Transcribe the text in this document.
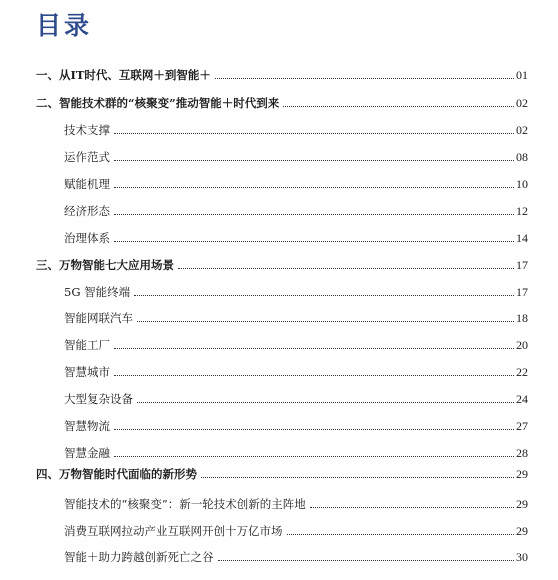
目录
一、从IT时代、互联网＋到智能＋	01
二、智能技术群的“核聚变”推动智能＋时代到来	02
技术支撑	02
运作范式	08
赋能机理	10
经济形态	12
治理体系	14
三、万物智能七大应用场景	17
5G 智能终端	17
智能网联汽车	18
智能工厂	20
智慧城市	22
大型复杂设备	24
智慧物流	27
智慧金融	28
四、万物智能时代面临的新形势	29
智能技术的“核聚变”：新一轮技术创新的主阵地	29
消费互联网拉动产业互联网开创十万亿市场	29
智能＋助力跨越创新死亡之谷	30
